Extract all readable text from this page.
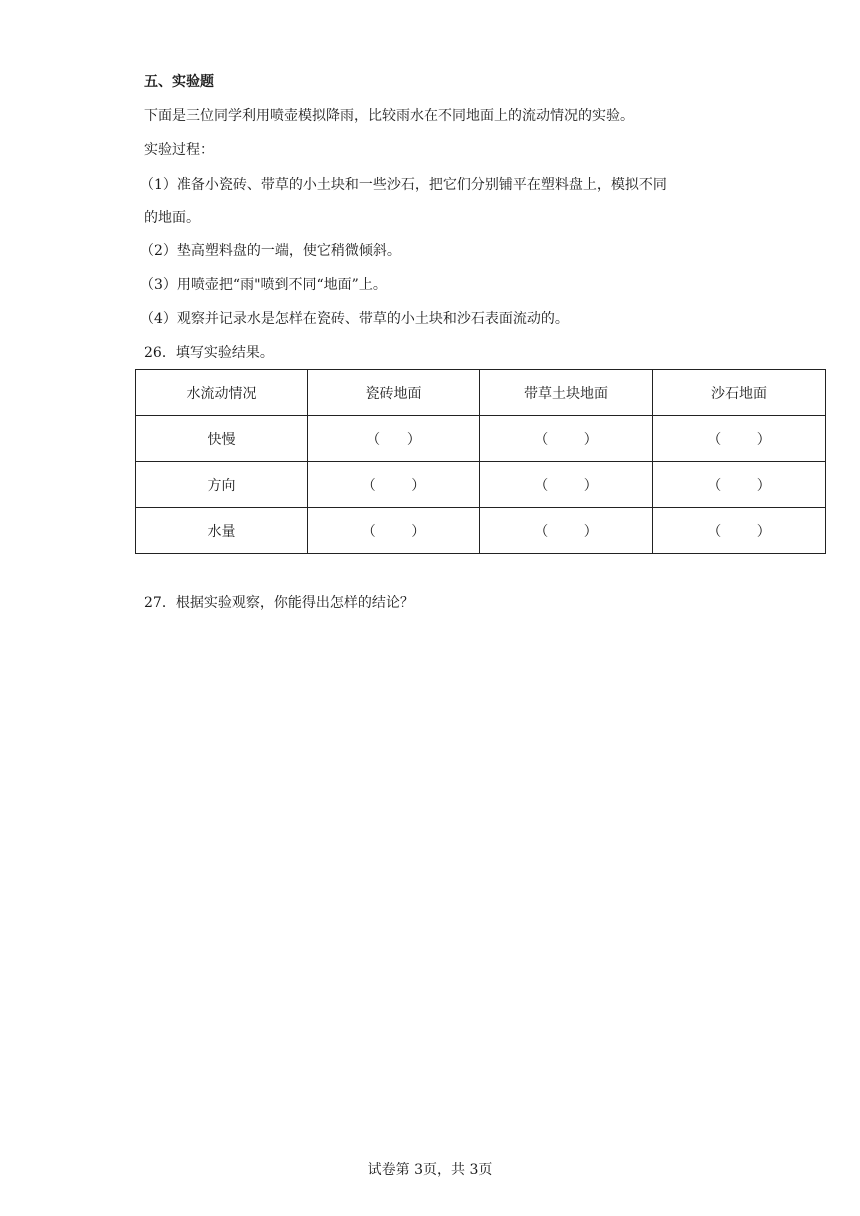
五、实验题
下面是三位同学利用喷壶模拟降雨，比较雨水在不同地面上的流动情况的实验。
实验过程：
（1）准备小瓷砖、带草的小土块和一些沙石，把它们分别铺平在塑料盘上，模拟不同
的地面。
（2）垫高塑料盘的一端，使它稍微倾斜。
（3）用喷壶把“雨"喷到不同“地面”上。
（4）观察并记录水是怎样在瓷砖、带草的小土块和沙石表面流动的。
26．填写实验结果。
水流动情况	瓷砖地面	带草土块地面	沙石地面
快慢	（      ）	（        ）	（        ）
方向	（        ）	（        ）	（        ）
水量	（        ）	（        ）	（        ）
27．根据实验观察，你能得出怎样的结论？
试卷第 3页，共 3页
